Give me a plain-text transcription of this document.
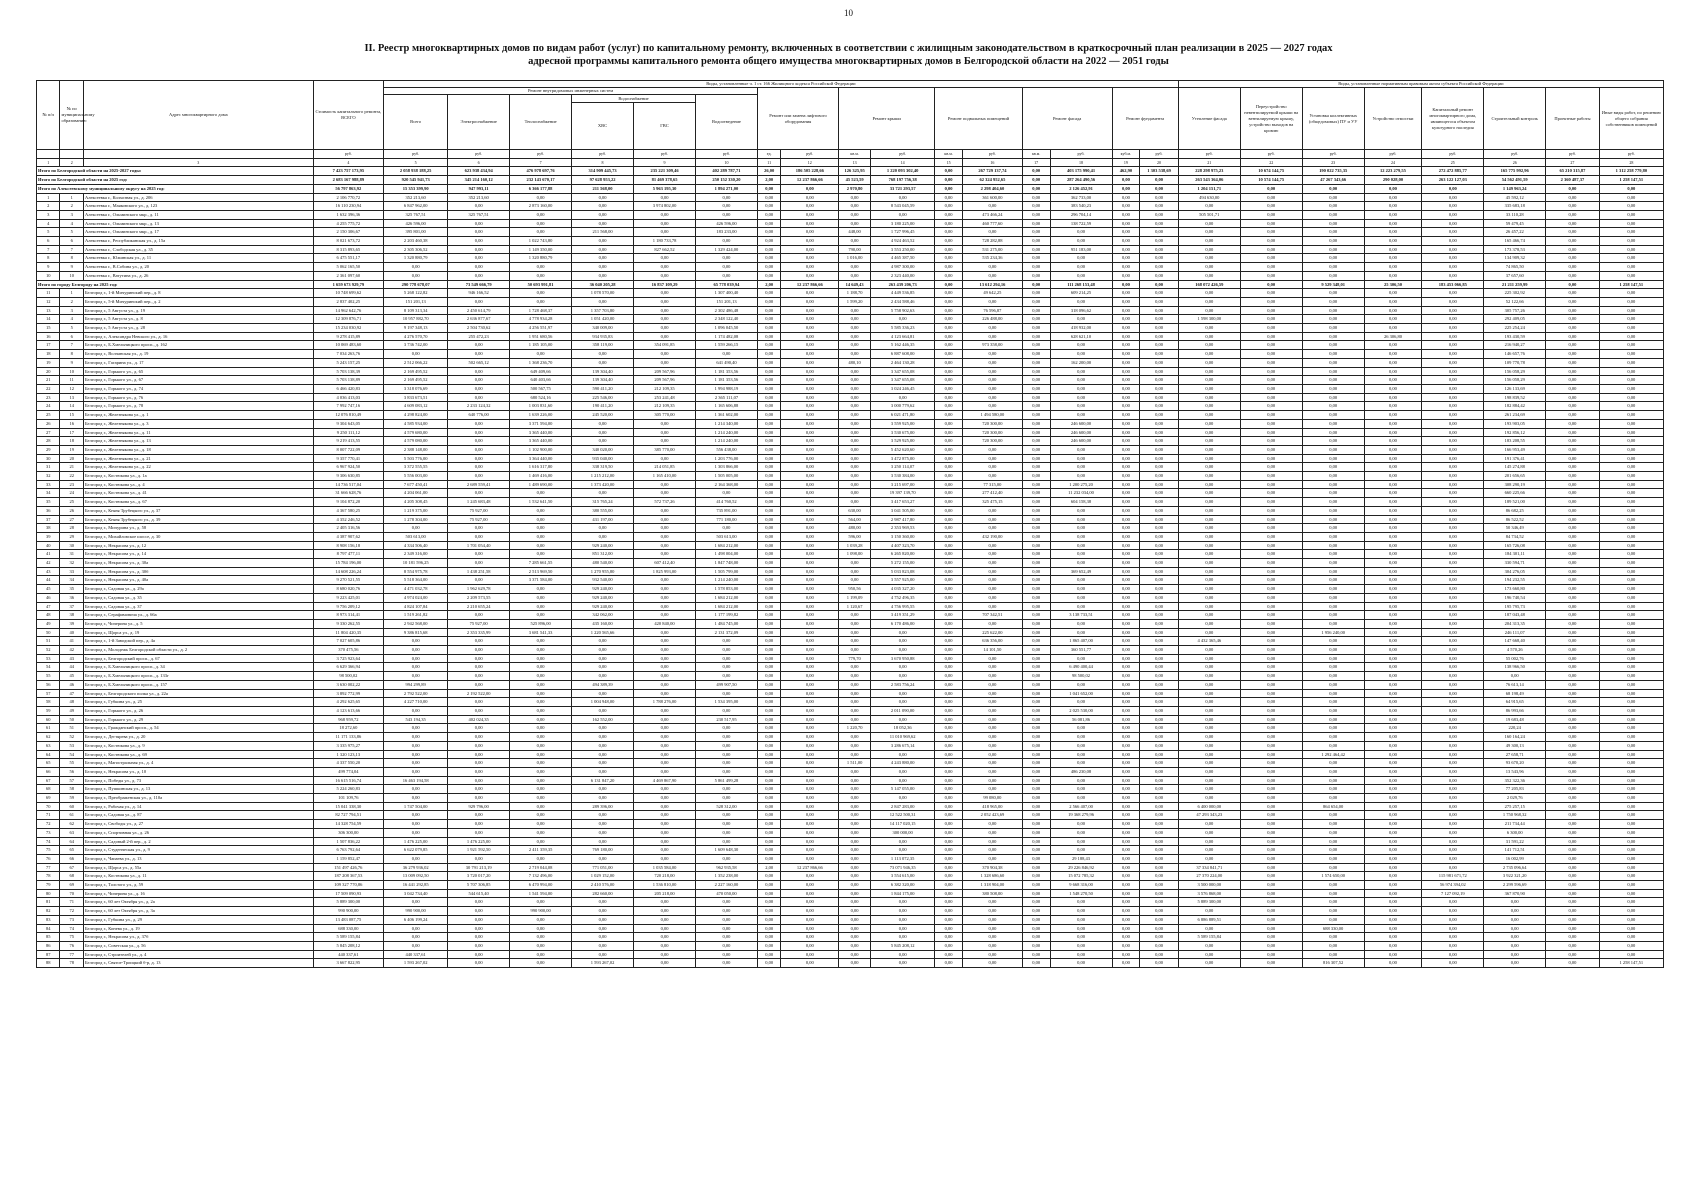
10
II. Реестр многоквартирных домов по видам работ (услуг) по капитальному ремонту, включенных в соответствии с жилищным законодательством в краткосрочный план реализации в 2025 — 2027 годах
адресной программы капитального ремонта общего имущества многоквартирных домов в Белгородской области на 2022 — 2051 годы
№ п/п	№ по муниципальному образованию	Адрес многоквартирного дома	Стоимость капитального ремонта, ВСЕГО	Виды, установленные ч. 1 ст. 166 Жилищного кодекса Российской Федерации																Виды, установленные нормативным правовым актом субъекта Российской Федерации							
				Ремонт внутридомовых инженерных систем						Ремонт или замена лифтового оборудования		Ремонт крыши		Ремонт подвальных помещений		Ремонт фасада		Ремонт фундамента		Утепление фасада	Переустройство невентилируемой крыши на вентилируемую крышу, устройство выходов на кровлю	Установка коллективных (общедомовых) ПУ и УУ	Устройство отмостки	Капитальный ремонт многоквартирного дома, являющегося объектом культурного наследия	Строительный контроль	Проектные работы	Иные виды работ, по решению общего собрания собственников помещений
				Всего	Электроснабжение	Теплоснабжение	Водоснабжение		Водоотведение																		
							ХВС	ГВС																			
			руб.	руб.	руб.	руб.	руб.	руб.	руб.	ед.	руб.	кв.м.	руб.	кв.м.	руб.	кв.м.	руб.	куб.м.	руб.	руб.	руб.	руб.	руб.	руб.	руб.	руб.	руб.
1	2	3	4	5	6	7	8	9	10	11	12	13	14	15	16	17	18	19	20	21	22	23	24	25	26	27	28
Итого по Белгородской области на 2025-2027 годы:			7 423 757 173,95	2 058 938 188,25	623 938 434,94	476 978 697,76	314 909 445,73	235 221 309,46	402 289 787,71	26,00	186 505 228,66	126 325,95	1 220 093 302,40	0,00	267 729 137,74	0,00	403 175 990,41	462,90	1 303 538,69	228 298 975,23	10 674 144,75	190 022 735,35	12 223 279,55	272 472 885,77	165 775 992,96	65 210 315,87	1 312 258 779,80
Итого по Белгородской области на 2025 год:			2 683 167 988,89	920 545 941,73	345 214 160,12	232 143 670,17	97 628 953,22	81 469 378,65	250 152 330,20	2,00	12 237 866,66	45 523,59	768 197 756,38	0,00	62 324 952,65	0,00	287 264 490,56	0,00	0,00	263 543 364,06	10 574 144,75	47 267 343,66	290 028,00	263 122 127,03	54 562 491,59	2 360 487,37	1 258 147,51
Итого по Алексеевскому муниципальному округу на 2025 год:			56 797 863,92	15 353 399,90	947 993,11	6 366 177,88	211 568,00	5 963 195,30	1 894 271,00	0,00	0,00	2 970,80	33 721 293,57	0,00	2 298 404,60	0,00	2 126 452,91	0,00	0,00	1 204 151,71	0,00	0,00	0,00	0,00	1 149 963,24	0,00	0,00
1	1	Алексеевка г., Колхозная ул., д. 206	2 106 770,72	352 213,60	352 213,60	0,00	0,00	0,00	0,00	0,00	0,00	0,00	0,00	0,00	361 600,00	0,00	362 733,00	0,00	0,00	494 630,00	0,00	0,00	0,00	0,00	45 592,12	0,00	0,00
2	2	Алексеевка г., Маяковского ул., д. 123	16 110 230,94	6 847 962,00	0,00	2 873 160,00	0,00	3 974 802,00	0,00	0,00	0,00	0,00	8 543 045,59	0,00	0,00	0,00	383 540,23	0,00	0,00	0,00	0,00	0,00	0,00	0,00	335 683,18	0,00	0,00
3	3	Алексеевка г., Ольминского мкр., д. 11	1 632 396,36	325 767,51	325 767,51	0,00	0,00	0,00	0,00	0,00	0,00	0,00	0,00	0,00	473 466,24	0,00	296 704,14	0,00	0,00	505 501,71	0,00	0,00	0,00	0,00	33 110,28	0,00	0,00
4	4	Алексеевка г., Ольминского мкр., д. 13	4 255 775,72	426 596,00	0,00	0,00	0,00	0,00	426 596,00	0,00	0,00	0,00	3 180 225,00	0,00	460 777,60	0,00	138 722,59	0,00	0,00	0,00	0,00	0,00	0,00	0,00	59 479,45	0,00	0,00
5	5	Алексеевка г., Ольминского мкр., д. 17	2 150 306,67	395 801,00	0,00	0,00	211 568,00	0,00	183 233,00	0,00	0,00	448,00	1 727 996,45	0,00	0,00	0,00	0,00	0,00	0,00	0,00	0,00	0,00	0,00	0,00	26 457,22	0,00	0,00
6	6	Алексеевка г., Республиканская ул., д. 15а	8 021 673,72	2 203 460,38	0,00	1 022 743,80	0,00	1 180 733,78	0,00	0,00	0,00	0,00	4 924 463,52	0,00	728 282,88	0,00	0,00	0,00	0,00	0,00	0,00	0,00	0,00	0,00	165 466,74	0,00	0,00
7	7	Алексеевка г., Слободская ул., д. 35	8 315 893,65	2 305 306,52	0,00	1 149 350,00	0,00	827 662,52	1 329 424,00	0,00	0,00	790,00	3 553 250,00	0,00	531 275,00	0,00	951 183,00	0,00	0,00	0,00	0,00	0,00	0,00	0,00	173 378,53	0,00	0,00
8	8	Алексеевка г., Южинская ул., д. 11	6 475 551,17	1 320 880,79	0,00	1 320 880,79	0,00	0,00	0,00	0,00	0,00	1 016,00	4 465 387,50	0,00	535 234,36	0,00	0,00	0,00	0,00	0,00	0,00	0,00	0,00	0,00	134 909,32	0,00	0,00
9	9	Алексеевка г., В.Собина ул., д. 20	5 062 165,50	0,00	0,00	0,00	0,00	0,00	0,00	0,00	0,00	0,00	4 987 300,00	0,00	0,00	0,00	0,00	0,00	0,00	0,00	0,00	0,00	0,00	0,00	74 865,50	0,00	0,00
10	10	Алексеевка г., Ватутина ул., д. 26	2 361 097,60	0,00	0,00	0,00	0,00	0,00	0,00	0,00	0,00	0,00	2 323 440,00	0,00	0,00	0,00	0,00	0,00	0,00	0,00	0,00	0,00	0,00	0,00	37 657,60	0,00	0,00
Итого по городу Белгороду на 2025 год:			1 659 673 929,79	290 778 678,07	73 549 666,79	50 693 991,81	36 040 205,28	16 837 109,29	65 778 039,94	2,00	12 237 866,66	14 649,43	263 439 206,73	0,00	13 612 294,16	0,00	111 268 153,48	0,00	0,00	168 072 426,59	0,00	9 529 348,01	25 306,50	183 453 066,85	21 211 259,99	0,00	1 258 147,51
11	1	Белгород г., 1-й Мичуринский пер., д. 8	10 748 699,62	5 268 122,82	946 166,52	0,00	1 078 570,00	0,00	1 307 400,40	0,00	0,00	1 188,70	4 449 536,85	0,00	49 642,25	0,00	609 214,25	0,00	0,00	0,00	0,00	0,00	0,00	0,00	225 302,92	0,00	0,00
12	2	Белгород г., 5-й Мичуринский пер., д. 2	2 837 402,25	151 201,13	0,00	0,00	0,00	0,00	151 201,13	0,00	0,00	1 599,20	2 434 588,46	0,00	0,00	0,00	0,00	0,00	0,00	0,00	0,00	0,00	0,00	0,00	52 122,66	0,00	0,00
13	3	Белгород г., 5 Августа ул., д. 19	14 962 642,76	8 109 313,34	2 450 614,79	1 728 468,37	1 357 703,80	0,00	2 302 486,48	0,00	0,00	0,00	5 758 902,63	0,00	76 596,87	0,00	318 096,62	0,00	0,00	0,00	0,00	0,00	0,00	0,00	305 757,26	0,00	0,00
14	4	Белгород г., 5 Августа ул., д. 8	12 309 876,71	10 957 882,70	2 636 877,67	4 778 934,28	1 051 420,00	0,00	2 348 122,40	0,00	0,00	0,00	0,00	0,00	226 488,00	0,00	0,00	0,00	0,00	1 598 300,00	0,00	0,00	0,00	0,00	292 409,05	0,00	0,00
15	5	Белгород г., 5 Августа ул., д. 28	15 234 030,92	9 197 348,13	2 504 730,62	4 256 551,97	340 009,00	0,00	1 096 045,50	0,00	0,00	0,00	5 585 336,23	0,00	0,00	0,00	418 932,00	0,00	0,00	0,00	0,00	0,00	0,00	0,00	225 254,24	0,00	0,00
16	6	Белгород г., Александра Невского ул., д. 16	9 278 415,89	4 276 570,70	255 472,23	1 951 680,56	934 935,83	0,00	1 174 482,08	0,00	0,00	0,00	4 123 664,81	0,00	0,00	0,00	628 621,10	0,00	0,00	0,00	0,00	0,00	26 306,80	0,00	193 430,59	0,00	0,00
17	7	Белгород г., Б.Хмельницкого просп., д. 162	10 069 483,60	3 736 742,00	0,00	1 185 105,00	358 119,00	354 091,85	1 559 266,15	0,00	0,00	0,00	5 162 446,35	0,00	973 358,00	0,00	0,00	0,00	0,00	0,00	0,00	0,00	0,00	0,00	216 940,27	0,00	0,00
18	8	Белгород г., Волчанская ул., д. 19	7 034 263,76	0,00	0,00	0,00	0,00	0,00	0,00	0,00	0,00	0,00	6 887 608,00	0,00	0,00	0,00	0,00	0,00	0,00	0,00	0,00	0,00	0,00	0,00	146 657,76	0,00	0,00
19	9	Белгород г., Гагарина ул., д. 17	5 243 157,25	2 512 066,22	502 665,12	1 368 236,70	0,00	0,00	641 490,40	0,00	0,00	480,10	2 464 130,28	0,00	0,00	0,00	162 200,00	0,00	0,00	0,00	0,00	0,00	0,00	0,00	109 770,78	0,00	0,00
20	10	Белгород г., Горького ул., д. 65	5 703 138,39	2 169 495,52	0,00	649 409,66	139 304,40	209 567,96	1 181 353,56	0,00	0,00	0,00	3 347 655,08	0,00	0,00	0,00	0,00	0,00	0,00	0,00	0,00	0,00	0,00	0,00	156 058,29	0,00	0,00
21	11	Белгород г., Горького ул., д. 67	5 703 138,89	2 169 495,52	0,00	640 403,66	139 304,40	209 567,96	1 181 353,56	0,00	0,00	0,00	3 347 655,08	0,00	0,00	0,00	0,00	0,00	0,00	0,00	0,00	0,00	0,00	0,00	156 058,29	0,00	0,00
22	12	Белгород г., Горького ул., д. 74	6 466 420,83	3 318 076,69	0,00	500 567,75	590 411,20	212 109,35	1 994 988,19	0,00	0,00	0,00	3 024 246,45	0,00	0,00	0,00	0,00	0,00	0,00	0,00	0,00	0,00	0,00	0,00	126 133,69	0,00	0,00
23	13	Белгород г., Горького ул., д. 76	4 036 413,03	3 833 673,51	0,00	680 524,16	225 546,00	253 241,48	2 365 111,07	0,00	0,00	0,00	0,00	0,00	0,00	0,00	0,00	0,00	0,00	0,00	0,00	0,00	0,00	0,00	198 839,52	0,00	0,00
24	14	Белгород г., Горького ул., д. 78	7 992 747,16	4 609 083,12	2 233 124,32	1 003 831,60	190 411,20	212 109,35	1 165 606,88	0,00	0,00	0,00	3 000 779,62	0,00	0,00	0,00	0,00	0,00	0,00	0,00	0,00	0,00	0,00	0,00	182 884,42	0,00	0,00
25	15	Белгород г., Железнякова ул., д. 1	12 076 810,49	4 298 824,00	640 776,00	1 639 226,00	245 520,00	305 770,00	1 361 602,00	0,00	0,00	0,00	6 021 471,80	0,00	1 494 580,00	0,00	0,00	0,00	0,00	0,00	0,00	0,00	0,00	0,00	261 234,69	0,00	0,00
26	16	Белгород г., Железнякова ул., д. 3	9 304 643,05	4 585 934,00	0,00	3 371 594,00	0,00	0,00	1 214 340,00	0,00	0,00	0,00	3 559 925,00	0,00	720 300,00	0,00	246 600,00	0,00	0,00	0,00	0,00	0,00	0,00	0,00	193 903,05	0,00	0,00
27	17	Белгород г., Железнякова ул., д. 11	9 250 111,12	4 579 680,00	0,00	3 365 440,00	0,00	0,00	1 214 240,00	0,00	0,00	0,00	3 530 675,00	0,00	720 300,00	0,00	246 600,00	0,00	0,00	0,00	0,00	0,00	0,00	0,00	192 856,12	0,00	0,00
28	18	Белгород г., Железнякова ул., д. 13	9 219 413,55	4 579 080,00	0,00	3 365 440,00	0,00	0,00	1 214 240,00	0,00	0,00	0,00	3 529 925,00	0,00	720 300,00	0,00	246 600,00	0,00	0,00	0,00	0,00	0,00	0,00	0,00	183 208,55	0,00	0,00
29	19	Белгород г., Железнякова ул., д. 18	8 007 722,09	2 388 148,00	0,00	1 102 900,00	340 020,00	385 770,00	556 438,00	0,00	0,00	0,00	5 452 620,60	0,00	0,00	0,00	0,00	0,00	0,00	0,00	0,00	0,00	0,00	0,00	166 953,49	0,00	0,00
30	20	Белгород г., Железнякова ул., д. 21	9 357 770,41	5 503 776,00	0,00	3 364 440,00	935 040,00	0,00	1 203 776,00	0,00	0,00	0,00	3 472 875,00	0,00	0,00	0,00	0,00	0,00	0,00	0,00	0,00	0,00	0,00	0,00	191 376,41	0,00	0,00
31	21	Белгород г., Железнякова ул., д. 22	6 967 924,50	3 372 555,55	0,00	1 616 317,80	338 319,50	214 051,85	1 303 866,00	0,00	0,00	0,00	3 250 114,07	0,00	0,00	0,00	0,00	0,00	0,00	0,00	0,00	0,00	0,00	0,00	145 274,88	0,00	0,00
32	22	Белгород г., Костюкова ул., д. 1а	9 306 630,85	5 556 003,00	0,00	1 469 416,00	1 215 212,00	1 165 410,00	1 505 005,00	0,00	0,00	0,00	3 530 384,00	0,00	0,00	0,00	0,00	0,00	0,00	0,00	0,00	0,00	0,00	0,00	201 656,65	0,00	0,00
33	23	Белгород г., Костюкова ул., д. 4	14 736 517,04	7 677 450,41	2 689 559,41	1 489 690,00	1 373 420,00	0,00	2 164 368,00	0,00	0,00	0,00	3 215 697,00	0,00	77 315,00	0,00	1 200 275,20	0,00	0,00	0,00	0,00	0,00	0,00	0,00	308 290,19	0,00	0,00
34	24	Белгород г., Костюкова ул., д. 41	31 666 628,76	4 204 061,00	0,00	0,00	0,00	0,00	0,00	0,00	0,00	0,00	19 397 139,70	0,00	277 412,40	0,00	11 232 034,00	0,00	0,00	0,00	0,00	0,00	0,00	0,00	660 225,66	0,00	0,00
35	25	Белгород г., Костюкова ул., д. 67	9 104 872,20	4 205 308,45	1 245 683,48	1 532 641,50	315 765,24	572 737,26	414 760,52	0,00	0,00	0,00	3 417 653,27	0,00	325 475,15	0,00	604 158,38	0,00	0,00	0,00	0,00	0,00	0,00	0,00	189 521,00	0,00	0,00
36	26	Белгород г., Князя Трубецкого ул., д. 37	4 367 580,25	1 219 375,00	75 927,00	0,00	380 555,00	0,00	735 891,00	0,00	0,00	630,00	3 041 505,00	0,00	0,00	0,00	0,00	0,00	0,00	0,00	0,00	0,00	0,00	0,00	86 682,25	0,00	0,00
37	27	Белгород г., Князя Трубецкого ул., д. 39	4 352 246,52	1 278 304,00	75 927,00	0,00	431 197,00	0,00	771 180,00	0,00	0,00	564,00	2 987 417,80	0,00	0,00	0,00	0,00	0,00	0,00	0,00	0,00	0,00	0,00	0,00	86 522,52	0,00	0,00
38	28	Белгород г., Мичурина ул., д. 58	2 405 316,56	0,00	0,00	0,00	0,00	0,00	0,00	0,00	0,00	480,00	2 353 969,53	0,00	0,00	0,00	0,00	0,00	0,00	0,00	0,00	0,00	0,00	0,00	50 346,49	0,00	0,00
39	29	Белгород г., Михайловское шоссе, д. 30	4 387 907,62	503 613,00	0,00	0,00	0,00	0,00	503 613,00	0,00	0,00	596,00	3 150 360,00	0,00	432 190,00	0,00	0,00	0,00	0,00	0,00	0,00	0,00	0,00	0,00	84 734,52	0,00	0,00
40	30	Белгород г., Некрасова ул., д. 12	8 908 156,18	4 334 506,40	1 701 054,40	0,00	929 240,00	0,00	1 684 212,00	0,00	0,00	1 039,28	4 407 323,70	0,00	0,00	0,00	0,00	0,00	0,00	0,00	0,00	0,00	0,00	0,00	165 726,08	0,00	0,00
41	31	Белгород г., Некрасова ул., д. 14	8 797 477,11	2 349 316,00	0,00	0,00	851 312,00	0,00	1 498 004,00	0,00	0,00	1 098,00	6 265 820,00	0,00	0,00	0,00	0,00	0,00	0,00	0,00	0,00	0,00	0,00	0,00	184 301,11	0,00	0,00
42	32	Белгород г., Некрасова ул., д. 30а	15 784 196,00	10 181 596,25	0,00	7 285 661,55	480 540,00	607 412,40	1 847 748,00	0,00	0,00	0,00	5 272 155,00	0,00	0,00	0,00	0,00	0,00	0,00	0,00	0,00	0,00	0,00	0,00	330 594,71	0,00	0,00
43	33	Белгород г., Некрасова ул., д. 30б	14 608 226,24	8 554 975,78	1 438 251,58	2 513 969,50	1 270 955,80	1 825 993,00	1 505 799,00	0,00	0,00	0,00	5 033 823,08	0,00	0,00	0,00	369 652,49	0,00	0,00	0,00	0,00	0,00	0,00	0,00	304 276,05	0,00	0,00
44	34	Белгород г., Некрасова ул., д. 40а	9 270 521,55	5 518 364,00	0,00	3 371 584,00	932 540,00	0,00	1 214 240,00	0,00	0,00	0,00	3 557 925,00	0,00	0,00	0,00	0,00	0,00	0,00	0,00	0,00	0,00	0,00	0,00	194 232,55	0,00	0,00
45	35	Белгород г., Садовая ул., д. 29а	8 680 020,76	4 471 032,78	1 962 629,78	0,00	929 240,00	0,00	1 578 853,00	0,00	0,00	950,56	4 035 327,20	0,00	0,00	0,00	0,00	0,00	0,00	0,00	0,00	0,00	0,00	0,00	173 660,80	0,00	0,00
46	36	Белгород г., Садовая ул., д. 35	9 223 425,01	4 974 024,00	2 209 573,55	0,00	929 240,00	0,00	1 684 212,00	0,00	0,00	1 199,09	4 752 496,35	0,00	0,00	0,00	0,00	0,00	0,00	0,00	0,00	0,00	0,00	0,00	196 740,54	0,00	0,00
47	37	Белгород г., Садовая ул., д. 37	9 756 209,12	4 824 107,84	2 210 655,24	0,00	929 240,00	0,00	1 684 212,00	0,00	0,00	1 120,67	4 756 995,55	0,00	0,00	0,00	0,00	0,00	0,00	0,00	0,00	0,00	0,00	0,00	195 795,73	0,00	0,00
48	38	Белгород г., Серафимовича ул., д. 66а	8 973 314,41	1 519 261,82	0,00	0,00	342 062,00	0,00	1 177 199,82	0,00	0,00	0,00	3 419 351,29	0,00	707 342,51	0,00	3 138 733,51	0,00	0,00	0,00	0,00	0,00	0,00	0,00	187 043,48	0,00	0,00
49	39	Белгород г., Чичерина ул., д. 5	9 330 262,55	2 942 568,00	75 927,00	525 896,00	435 160,00	420 840,00	1 484 745,00	0,00	0,00	0,00	6 170 486,00	0,00	0,00	0,00	0,00	0,00	0,00	0,00	0,00	0,00	0,00	0,00	204 313,35	0,00	0,00
50	40	Белгород г., Щорса ул., д. 19	11 804 420,35	9 386 815,68	2 353 335,99	3 681 541,33	1 220 565,66	0,00	2 131 372,09	0,00	0,00	0,00	0,00	0,00	225 622,00	0,00	0,00	0,00	0,00	0,00	0,00	1 956 240,00	0,00	0,00	246 111,07	0,00	0,00
51	41	Белгород г., 1-й Заводской пер., д. 4а	7 027 605,86	0,00	0,00	0,00	0,00	0,00	0,00	0,00	0,00	0,00	0,00	0,00	636 356,00	0,00	1 865 407,00	0,00	0,00	4 432 365,46	0,00	0,00	0,00	0,00	147 668,40	0,00	0,00
52	42	Белгород г., Молодежь Белгородской области ул., д. 2	370 475,56	0,00	0,00	0,00	0,00	0,00	0,00	0,00	0,00	0,00	0,00	0,00	14 101,50	0,00	360 551,77	0,00	0,00	0,00	0,00	0,00	0,00	0,00	4 570,26	0,00	0,00
53	43	Белгород г., Белгородский просп., д. 67	3 725 923,64	0,00	0,00	0,00	0,00	0,00	0,00	0,00	0,00	779,70	3 670 950,88	0,00	0,00	0,00	0,00	0,00	0,00	0,00	0,00	0,00	0,00	0,00	55 002,76	0,00	0,00
54	44	Белгород г., Б.Хмельницкого просп., д. 34	6 629 366,94	0,00	0,00	0,00	0,00	0,00	0,00	0,00	0,00	0,00	0,00	0,00	0,00	0,00	6 490 400,44	0,00	0,00	0,00	0,00	0,00	0,00	0,00	138 966,50	0,00	0,00
55	45	Белгород г., Б.Хмельницкого просп., д. 133г	98 500,02	0,00	0,00	0,00	0,00	0,00	0,00	0,00	0,00	0,00	0,00	0,00	0,00	0,00	98 500,02	0,00	0,00	0,00	0,00	0,00	0,00	0,00	0,00	0,00	0,00
56	46	Белгород г., Б.Хмельницкого просп., д. 157	3 630 002,22	994 299,89	0,00	0,00	494 389,39	0,00	499 907,50	0,00	0,00	0,00	2 583 756,24	0,00	0,00	0,00	0,00	0,00	0,00	0,00	0,00	0,00	0,00	0,00	76 613,14	0,00	0,00
57	47	Белгород г., Белгородского полка ул., д. 22а	3 892 772,99	2 792 522,00	2 192 522,00	0,00	0,00	0,00	0,00	0,00	0,00	0,00	0,00	0,00	0,00	0,00	1 041 652,00	0,00	0,00	0,00	0,00	0,00	0,00	0,00	68 198,49	0,00	0,00
58	48	Белгород г., Губкина ул., д. 25	4 292 625,65	4 227 710,00	0,00	0,00	1 004 948,00	1 788 276,00	1 534 395,00	0,00	0,00	0,00	0,00	0,00	0,00	0,00	0,00	0,00	0,00	0,00	0,00	0,00	0,00	0,00	64 915,65	0,00	0,00
59	49	Белгород г., Горького ул., д. 26	4 123 613,66	0,00	0,00	0,00	0,00	0,00	0,00	0,00	0,00	0,00	2 011 090,00	0,00	0,00	0,00	2 025 530,00	0,00	0,00	0,00	0,00	0,00	0,00	0,00	86 993,66	0,00	0,00
60	50	Белгород г., Горького ул., д. 29	968 959,72	543 194,35	402 024,35	0,00	162 552,00	0,00	230 517,95	0,00	0,00	0,00	0,00	0,00	0,00	0,00	56 081,86	0,00	0,00	0,00	0,00	0,00	0,00	0,00	19 683,48	0,00	0,00
61	51	Белгород г., Гражданский просп., д. 54	18 272,60	0,00	0,00	0,00	0,00	0,00	0,00	0,00	0,00	1 220,70	18 052,36	0,00	0,00	0,00	0,00	0,00	0,00	0,00	0,00	0,00	0,00	0,00	220,24	0,00	0,00
62	52	Белгород г., Дегтярева ул., д. 20	11 171 133,86	0,00	0,00	0,00	0,00	0,00	0,00	0,00	0,00	0,00	11 010 969,62	0,00	0,00	0,00	0,00	0,00	0,00	0,00	0,00	0,00	0,00	0,00	160 164,24	0,00	0,00
63	53	Белгород г., Костюкова ул., д. 9	3 335 975,27	0,00	0,00	0,00	0,00	0,00	0,00	0,00	0,00	0,00	3 286 675,14	0,00	0,00	0,00	0,00	0,00	0,00	0,00	0,00	0,00	0,00	0,00	49 300,13	0,00	0,00
64	54	Белгород г., Костюкова ул., д. 69	1 320 123,13	0,00	0,00	0,00	0,00	0,00	0,00	0,00	0,00	0,00	0,00	0,00	0,00	0,00	0,00	0,00	0,00	0,00	0,00	1 292 464,42	0,00	0,00	27 658,71	0,00	0,00
65	55	Белгород г., Магистральная ул., д. 4	4 337 550,20	0,00	0,00	0,00	0,00	0,00	0,00	0,00	0,00	1 511,00	4 243 880,00	0,00	0,00	0,00	0,00	0,00	0,00	0,00	0,00	0,00	0,00	0,00	93 670,20	0,00	0,00
66	56	Белгород г., Некрасова ул., д. 10	499 774,04	0,00	0,00	0,00	0,00	0,00	0,00	0,00	0,00	0,00	0,00	0,00	0,00	0,00	486 230,08	0,00	0,00	0,00	0,00	0,00	0,00	0,00	13 543,96	0,00	0,00
67	57	Белгород г., Победы ул., д. 73	16 615 516,74	16 463 194,58	0,00	0,00	6 131 847,20	4 469 867,90	5 861 499,28	0,00	0,00	0,00	0,00	0,00	0,00	0,00	0,00	0,00	0,00	0,00	0,00	0,00	0,00	0,00	352 322,36	0,00	0,00
68	58	Белгород г., Пушкинская ул., д. 13	5 224 260,83	0,00	0,00	0,00	0,00	0,00	0,00	0,00	0,00	0,00	5 147 055,00	0,00	0,00	0,00	0,00	0,00	0,00	0,00	0,00	0,00	0,00	0,00	77 205,83	0,00	0,00
69	59	Белгород г., Преображенская ул., д. 110а	101 109,76	0,00	0,00	0,00	0,00	0,00	0,00	0,00	0,00	0,00	0,00	0,00	99 080,00	0,00	0,00	0,00	0,00	0,00	0,00	0,00	0,00	0,00	2 029,76	0,00	0,00
70	60	Белгород г., Рабочая ул., д. 14	15 041 338,30	1 747 504,00	929 796,00	0,00	289 396,00	0,00	528 312,00	0,00	0,00	0,00	2 847 283,00	0,00	418 965,00	0,00	2 566 407,00	0,00	0,00	6 400 000,00	0,00	864 654,00	0,00	0,00	275 257,15	0,00	0,00
71	61	Белгород г., Садовая ул., д. 87	82 727 794,51	0,00	0,00	0,00	0,00	0,00	0,00	0,00	0,00	0,00	12 522 500,31	0,00	2 052 423,69	0,00	19 368 279,96	0,00	0,00	47 293 343,23	0,00	0,00	0,00	0,00	1 750 968,32	0,00	0,00
72	62	Белгород г., Свободы ул., д. 27	14 328 754,59	0,00	0,00	0,00	0,00	0,00	0,00	0,00	0,00	0,00	14 117 020,15	0,00	0,00	0,00	0,00	0,00	0,00	0,00	0,00	0,00	0,00	0,00	211 734,44	0,00	0,00
73	63	Белгород г., Спортивная ул., д. 26	306 300,00	0,00	0,00	0,00	0,00	0,00	0,00	0,00	0,00	0,00	300 000,00	0,00	0,00	0,00	0,00	0,00	0,00	0,00	0,00	0,00	0,00	0,00	6 300,00	0,00	0,00
74	64	Белгород г., Садовый 2-й пер., д. 2	1 507 836,22	1 476 225,00	1 476 225,00	0,00	0,00	0,00	0,00	0,00	0,00	0,00	0,00	0,00	0,00	0,00	0,00	0,00	0,00	0,00	0,00	0,00	0,00	0,00	31 591,22	0,00	0,00
75	65	Белгород г., Студенческая ул., д. 9	6 763 792,64	6 622 079,85	1 921 592,50	2 411 359,35	769 180,00	0,00	1 609 648,30	0,00	0,00	0,00	0,00	0,00	0,00	0,00	0,00	0,00	0,00	0,00	0,00	0,00	0,00	0,00	141 712,51	0,00	0,00
76	66	Белгород г., Чапаева ул., д. 13	1 159 852,47	0,00	0,00	0,00	0,00	0,00	0,00	0,00	0,00	0,00	1 113 072,35	0,00	0,00	0,00	29 188,43	0,00	0,00	0,00	0,00	0,00	0,00	0,00	16 002,99	0,00	0,00
77	67	Белгород г., Щорса ул., д. 55а	151 497 426,76	36 279 936,02	30 791 213,19	2 719 044,08	771 051,00	1 035 584,00	962 935,58	2,00	12 237 866,66	0,00	73 071 946,35	0,00	370 904,38	0,00	29 226 846,92	0,00	0,00	37 334 841,71	0,00	0,00	0,00	0,00	2 735 096,64	0,00	0,00
78	68	Белгород г., Костюкова ул., д. 11	187 208 367,53	13 009 092,50	3 720 017,20	7 132 496,00	1 029 152,00	720 218,00	1 352 238,00	0,00	0,00	0,00	3 554 615,00	0,00	1 328 686,60	0,00	15 072 785,32	0,00	0,00	27 370 224,00	0,00	1 574 650,00	0,00	115 981 671,72	3 922 321,20	0,00	0,00
79	69	Белгород г., Толстого ул., д. 59	109 327 770,86	16 441 292,85	5 707 306,85	6 470 994,00	2 410 576,00	1 536 810,00	2 227 160,00	0,00	0,00	0,00	6 382 320,00	0,00	1 318 904,00	0,00	9 668 316,00	0,00	0,00	3 500 000,00	0,00	0,00	0,00	56 974 394,02	2 299 596,69	0,00	0,00
80	70	Белгород г., Чичерина ул., д. 16	17 509 090,93	3 042 734,40	544 615,40	1 541 594,00	282 660,00	205 218,00	470 050,00	0,00	0,00	0,00	1 844 175,00	0,00	380 508,00	0,00	1 548 270,50	0,00	0,00	3 576 868,00	0,00	0,00	0,00	7 127 092,19	367 870,90	0,00	0,00
81	71	Белгород г., 60 лет Октября ул., д. 2а	5 889 300,00	0,00	0,00	0,00	0,00	0,00	0,00	0,00	0,00	0,00	0,00	0,00	0,00	0,00	0,00	0,00	0,00	5 889 300,00	0,00	0,00	0,00	0,00	0,00	0,00	0,00
82	72	Белгород г., 60 лет Октября ул., д. 3а	990 900,00	990 900,00	0,00	990 900,00	0,00	0,00	0,00	0,00	0,00	0,00	0,00	0,00	0,00	0,00	0,00	0,00	0,00	0,00	0,00	0,00	0,00	0,00	0,00	0,00	0,00
83	73	Белгород г., Губкина ул., д. 29	13 483 087,75	6 406 199,24	0,00	0,00	0,00	0,00	0,00	0,00	0,00	0,00	0,00	0,00	0,00	0,00	0,00	0,00	0,00	6 886 889,51	0,00	0,00	0,00	0,00	0,00	0,00	0,00
84	74	Белгород г., Конева ул., д. 19	688 330,00	0,00	0,00	0,00	0,00	0,00	0,00	0,00	0,00	0,00	0,00	0,00	0,00	0,00	0,00	0,00	0,00	0,00	0,00	688 330,00	0,00	0,00	0,00	0,00	0,00
85	75	Белгород г., Некрасова ул., д. 37б	5 589 155,84	0,00	0,00	0,00	0,00	0,00	0,00	0,00	0,00	0,00	0,00	0,00	0,00	0,00	0,00	0,00	0,00	5 589 155,84	0,00	0,00	0,00	0,00	0,00	0,00	0,00
86	76	Белгород г., Советская ул., д. 56	5 845 208,12	0,00	0,00	0,00	0,00	0,00	0,00	0,00	0,00	0,00	5 845 208,12	0,00	0,00	0,00	0,00	0,00	0,00	0,00	0,00	0,00	0,00	0,00	0,00	0,00	0,00
87	77	Белгород г., Строителей ул., д. 4	440 337,61	440 337,61	0,00	0,00	0,00	0,00	0,00	0,00	0,00	0,00	0,00	0,00	0,00	0,00	0,00	0,00	0,00	0,00	0,00	0,00	0,00	0,00	0,00	0,00	0,00
88	78	Белгород г., Святое-Троицкий б-р, д. 13	3 667 822,95	1 593 267,02	0,00	0,00	1 593 267,02	0,00	0,00	0,00	0,00	0,00	0,00	0,00	0,00	0,00	0,00	0,00	0,00	0,00	0,00	816 307,52	0,00	0,00	0,00	0,00	1 258 147,51
